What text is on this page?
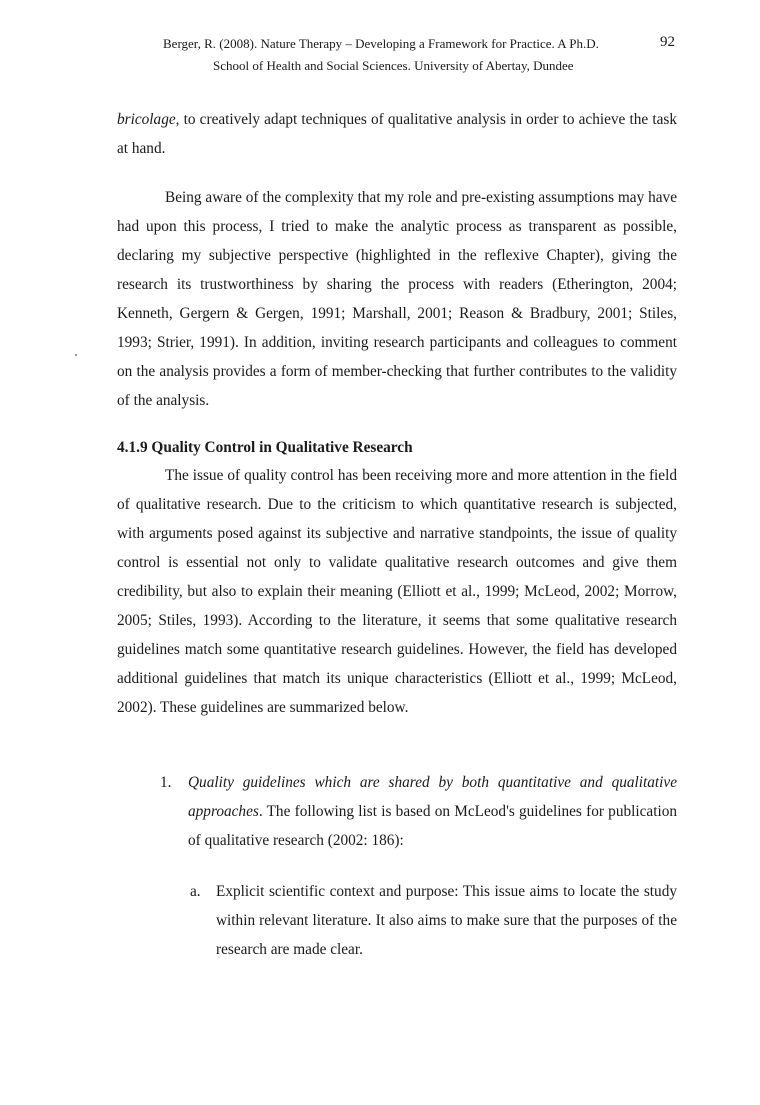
Berger, R. (2008). Nature Therapy – Developing a Framework for Practice. A Ph.D.
School of Health and Social Sciences. University of Abertay, Dundee
92

bricolage, to creatively adapt techniques of qualitative analysis in order to achieve the task at hand.

Being aware of the complexity that my role and pre-existing assumptions may have had upon this process, I tried to make the analytic process as transparent as possible, declaring my subjective perspective (highlighted in the reflexive Chapter), giving the research its trustworthiness by sharing the process with readers (Etherington, 2004; Kenneth, Gergern & Gergen, 1991; Marshall, 2001; Reason & Bradbury, 2001; Stiles, 1993; Strier, 1991). In addition, inviting research participants and colleagues to comment on the analysis provides a form of member-checking that further contributes to the validity of the analysis.

4.1.9 Quality Control in Qualitative Research

The issue of quality control has been receiving more and more attention in the field of qualitative research. Due to the criticism to which quantitative research is subjected, with arguments posed against its subjective and narrative standpoints, the issue of quality control is essential not only to validate qualitative research outcomes and give them credibility, but also to explain their meaning (Elliott et al., 1999; McLeod, 2002; Morrow, 2005; Stiles, 1993). According to the literature, it seems that some qualitative research guidelines match some quantitative research guidelines. However, the field has developed additional guidelines that match its unique characteristics (Elliott et al., 1999; McLeod, 2002). These guidelines are summarized below.

1. Quality guidelines which are shared by both quantitative and qualitative approaches. The following list is based on McLeod's guidelines for publication of qualitative research (2002: 186):
a. Explicit scientific context and purpose: This issue aims to locate the study within relevant literature. It also aims to make sure that the purposes of the research are made clear.
